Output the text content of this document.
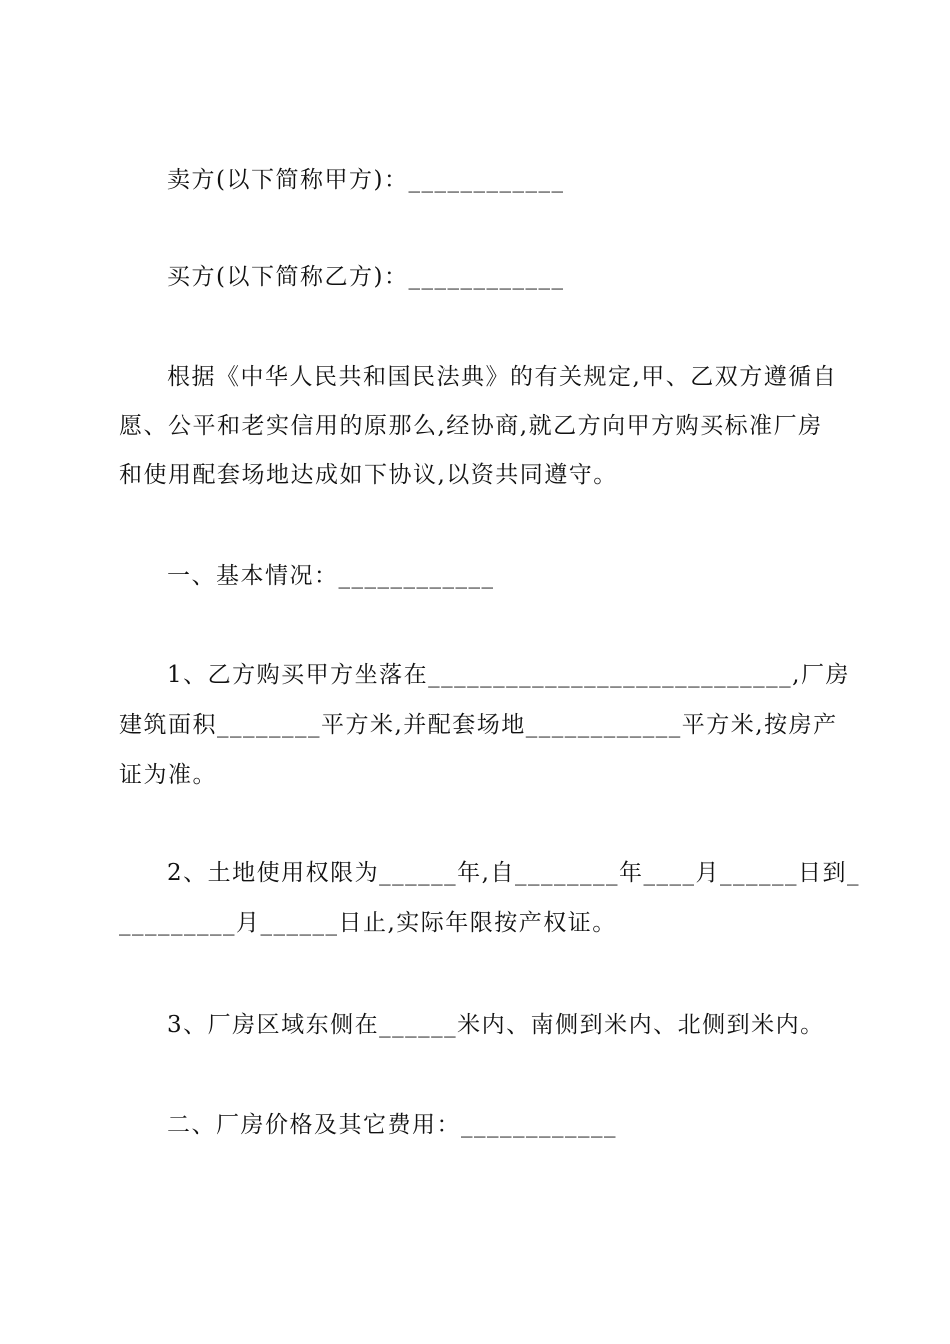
卖方(以下简称甲方)：____________
买方(以下简称乙方)：____________
根据《中华人民共和国民法典》的有关规定,甲、乙双方遵循自
愿、公平和老实信用的原那么,经协商,就乙方向甲方购买标准厂房
和使用配套场地达成如下协议,以资共同遵守。
一、基本情况：____________
1、乙方购买甲方坐落在____________________________,厂房
建筑面积________平方米,并配套场地____________平方米,按房产
证为准。
2、土地使用权限为______年,自________年____月______日到_
_________月______日止,实际年限按产权证。
3、厂房区域东侧在______米内、南侧到米内、北侧到米内。
二、厂房价格及其它费用：____________
